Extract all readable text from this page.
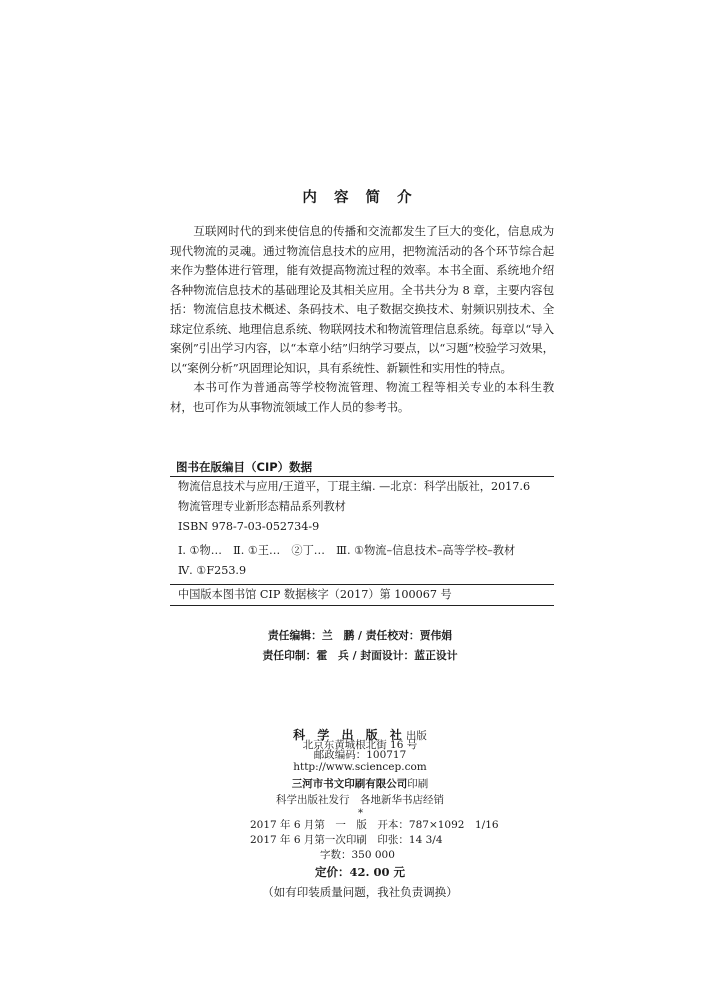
内 容 简 介

互联网时代的到来使信息的传播和交流都发生了巨大的变化，信息成为现代物流的灵魂。通过物流信息技术的应用，把物流活动的各个环节综合起来作为整体进行管理，能有效提高物流过程的效率。本书全面、系统地介绍各种物流信息技术的基础理论及其相关应用。全书共分为 8 章，主要内容包括：物流信息技术概述、条码技术、电子数据交换技术、射频识别技术、全球定位系统、地理信息系统、物联网技术和物流管理信息系统。每章以“导入案例”引出学习内容，以“本章小结”归纳学习要点，以“习题”校验学习效果，以“案例分析”巩固理论知识，具有系统性、新颖性和实用性的特点。

本书可作为普通高等学校物流管理、物流工程等相关专业的本科生教材，也可作为从事物流领域工作人员的参考书。

图书在版编目（CIP）数据
物流信息技术与应用/王道平，丁琨主编. —北京：科学出版社，2017.6
物流管理专业新形态精品系列教材
ISBN 978-7-03-052734-9
Ⅰ. ①物…　Ⅱ. ①王…　②丁…　Ⅲ. ①物流–信息技术–高等学校–教材
Ⅳ. ①F253.9
中国版本图书馆 CIP 数据核字（2017）第 100067 号
责任编辑：兰　鹏 / 责任校对：贾伟娟
责任印制：霍　兵 / 封面设计：蓝正设计
科 学 出 版 社出版
北京东黄城根北街 16 号
邮政编码：100717
http://www.sciencep.com
三河市书文印刷有限公司印刷
科学出版社发行　各地新华书店经销
*
2017 年 6 月第　一　版　开本：787×1092　1/16
2017 年 6 月第一次印刷　印张：14 3/4
字数：350 000
定价：42. 00 元
（如有印装质量问题，我社负责调换）
